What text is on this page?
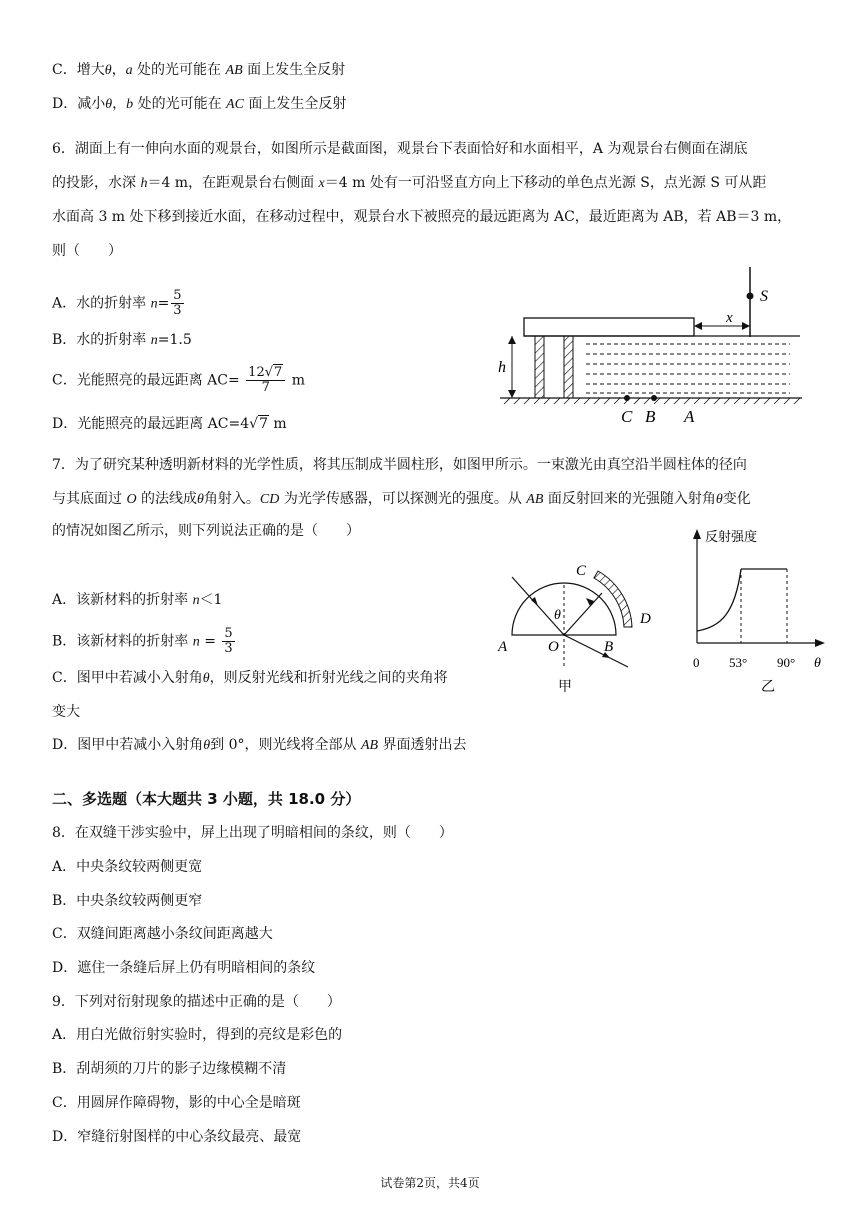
C．增大θ，a 处的光可能在 AB 面上发生全反射
D．减小θ，b 处的光可能在 AC 面上发生全反射
6．湖面上有一伸向水面的观景台，如图所示是截面图，观景台下表面恰好和水面相平，A 为观景台右侧面在湖底
的投影，水深 h＝4 m，在距观景台右侧面 x＝4 m 处有一可沿竖直方向上下移动的单色点光源 S，点光源 S 可从距
水面高 3 m 处下移到接近水面，在移动过程中，观景台水下被照亮的最远距离为 AC，最近距离为 AB，若 AB＝3 m，
则（　　）
A．水的折射率 $n= \frac{5}{3}$
B．水的折射率 n=1.5
C．光能照亮的最远距离 $AC= \frac{12√7}{7}$ m
D．光能照亮的最远距离 AC=4√7 m
S
x
h
C B A
7．为了研究某种透明新材料的光学性质，将其压制成半圆柱形，如图甲所示。一束激光由真空沿半圆柱体的径向
与其底面过 O 的法线成θ角射入。CD 为光学传感器，可以探测光的强度。从 AB 面反射回来的光强随入射角θ变化
的情况如图乙所示，则下列说法正确的是（　　）
A．该新材料的折射率 n＜1
B．该新材料的折射率 $n = \frac{5}{3}$
C．图甲中若减小入射角θ，则反射光线和折射光线之间的夹角将
变大
D．图甲中若减小入射角θ到 0°，则光线将全部从 AB 界面透射出去
θ
A	O	B
C
D
甲
反射强度
0 53° 90° θ
乙
二、多选题（本大题共 3 小题，共 18.0 分）
8．在双缝干涉实验中，屏上出现了明暗相间的条纹，则（　　）
A．中央条纹较两侧更宽
B．中央条纹较两侧更窄
C．双缝间距离越小条纹间距离越大
D．遮住一条缝后屏上仍有明暗相间的条纹
9．下列对衍射现象的描述中正确的是（　　）
A．用白光做衍射实验时，得到的亮纹是彩色的
B．刮胡须的刀片的影子边缘模糊不清
C．用圆屏作障碍物，影的中心全是暗斑
D．窄缝衍射图样的中心条纹最亮、最宽
试卷第2页，共4页
